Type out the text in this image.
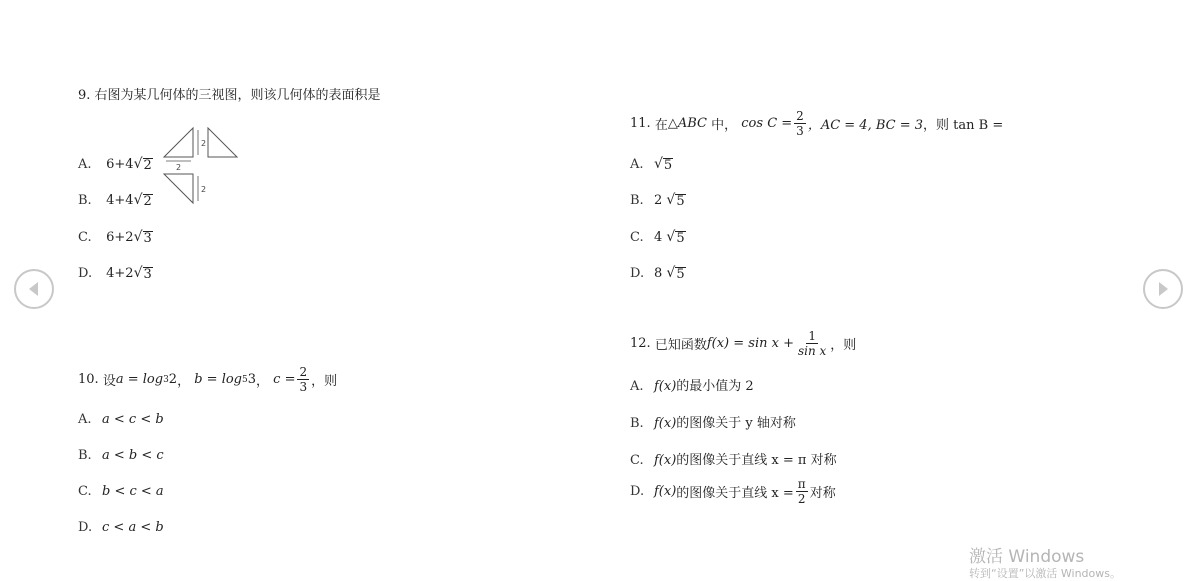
9. 右图为某几何体的三视图，则该几何体的表面积是
2
2
2
A. 6+4 √ 2
B. 4+4 √ 2
C. 6+2 √ 3
D. 4+2 √ 3
10.
设 a = log 3 2 ， b = log 5 3 ， $c = \frac{2}{3}$ ，则
A. a < c < b
B. a < b < c
C. b < c < a
D. c < a < b
11.
在 △ABC
中，
$\cos C = \frac{2}{3}$ ，AC = 4, BC = 3 ，则 tan B =
A. √ 5
B. 2 √ 5
C. 4 √ 5
D. 8 √ 5
12.
已知函数 $f(x) = \sin x + \frac{1}{\text{sin x}}$ ，则
A. f(x)的最小值为 2
B. f(x)的图像关于 y 轴对称
C. f(x)的图像关于直线 x = π 对称
D. f(x) 的图像关于直线 $x = \frac{\pi}{2}$ 对称
激活 Windows
转到“设置”以激活 Windows。
